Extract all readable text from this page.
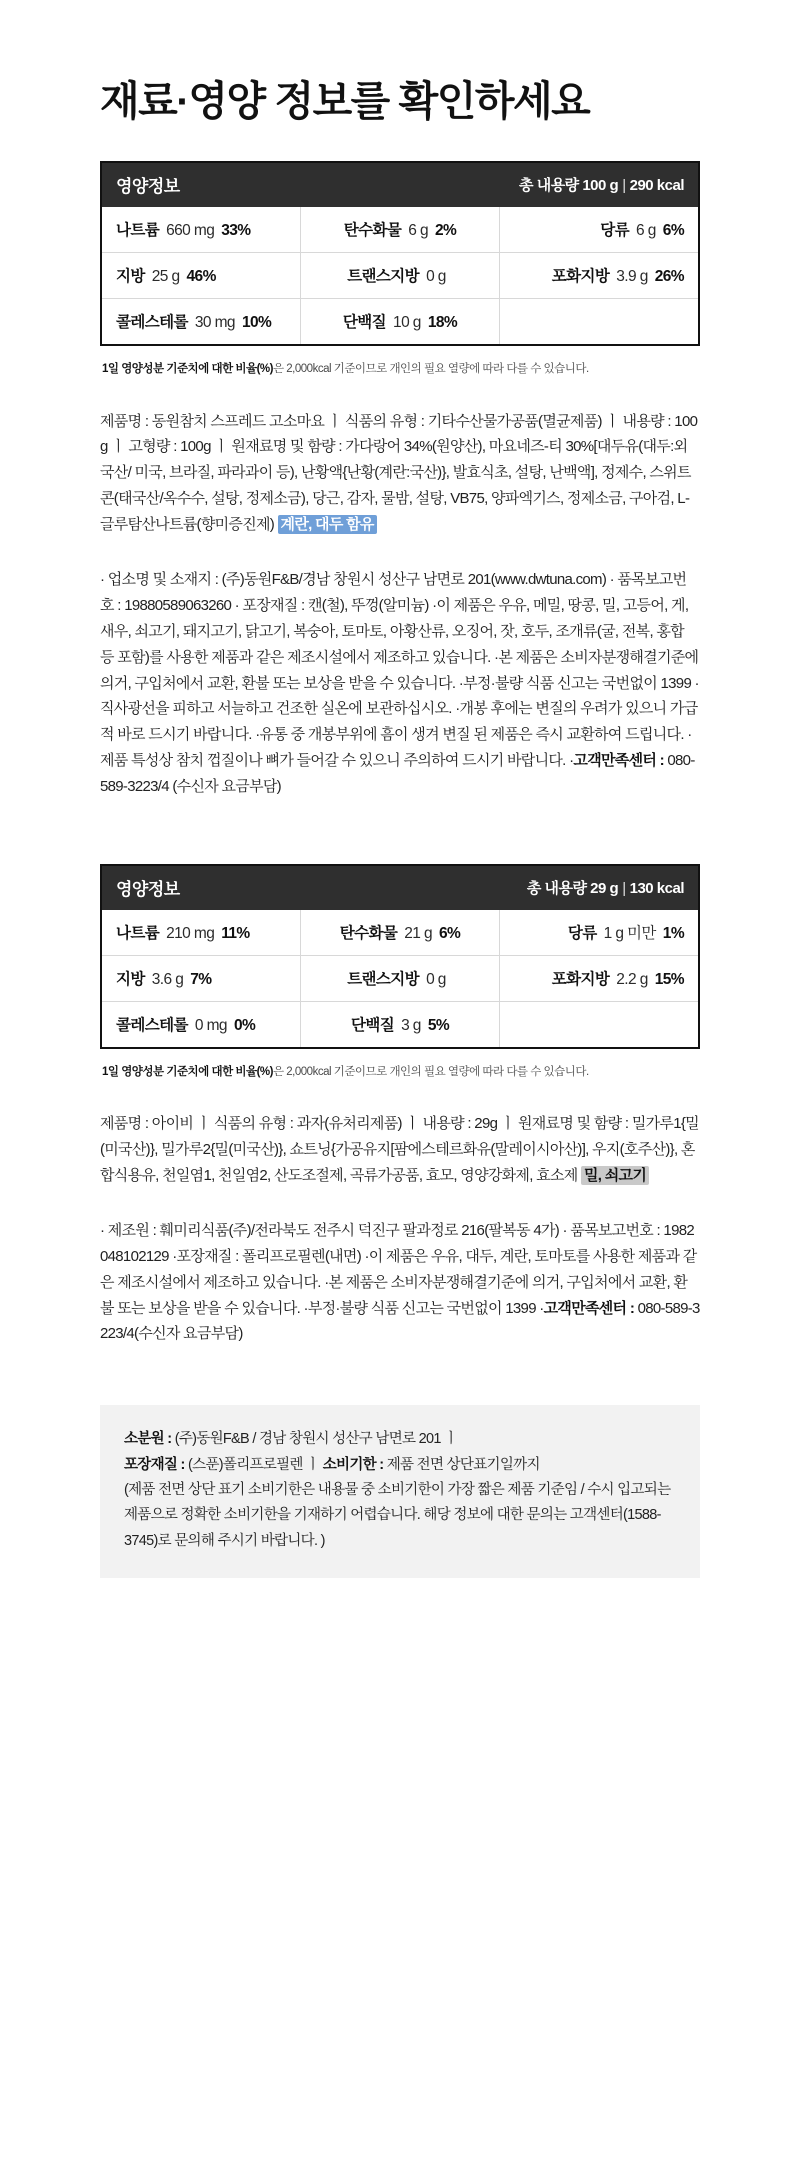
재료·영양 정보를 확인하세요
영양정보	총 내용량 100 g | 290 kcal
나트륨 660 mg 33%	탄수화물 6 g 2%	당류 6 g 6%
지방 25 g 46%	트랜스지방 0 g	포화지방 3.9 g 26%
콜레스테롤 30 mg 10%	단백질 10 g 18%
1일 영양성분 기준치에 대한 비율(%)은 2,000kcal 기준이므로 개인의 필요 열량에 따라 다를 수 있습니다.
제품명 : 동원참치 스프레드 고소마요 ㅣ 식품의 유형 : 기타수산물가공품(멸균제품) ㅣ 내용량 : 100g ㅣ 고형량 : 100g ㅣ 원재료명 및 함량 : 가다랑어 34%(원양산), 마요네즈-티 30%[대두유(대두:외국산/ 미국, 브라질, 파라과이 등), 난황액{난황(계란:국산)}, 발효식초, 설탕, 난백액], 정제수, 스위트콘(태국산/옥수수, 설탕, 정제소금), 당근, 감자, 물밤, 설탕, VB75, 양파엑기스, 정제소금, 구아검, L-글루탐산나트륨(향미증진제) 계란, 대두 함유
· 업소명 및 소재지 : (주)동원F&B/경남 창원시 성산구 남면로 201(www.dwtuna.com) · 품목보고번호 : 19880589063260 · 포장재질 : 캔(철), 뚜껑(알미늄) ·이 제품은 우유, 메밀, 땅콩, 밀, 고등어, 게, 새우, 쇠고기, 돼지고기, 닭고기, 복숭아, 토마토, 아황산류, 오징어, 잣, 호두, 조개류(굴, 전복, 홍합 등 포함)를 사용한 제품과 같은 제조시설에서 제조하고 있습니다. ·본 제품은 소비자분쟁해결기준에 의거, 구입처에서 교환, 환불 또는 보상을 받을 수 있습니다. ·부정·불량 식품 신고는 국번없이 1399 ·직사광선을 피하고 서늘하고 건조한 실온에 보관하십시오. ·개봉 후에는 변질의 우려가 있으니 가급적 바로 드시기 바랍니다. ·유통 중 개봉부위에 흠이 생겨 변질 된 제품은 즉시 교환하여 드립니다. ·제품 특성상 참치 껍질이나 뼈가 들어갈 수 있으니 주의하여 드시기 바랍니다. ·고객만족센터 : 080-589-3223/4 (수신자 요금부담)
영양정보	총 내용량 29 g | 130 kcal
나트륨 210 mg 11%	탄수화물 21 g 6%	당류 1 g 미만 1%
지방 3.6 g 7%	트랜스지방 0 g	포화지방 2.2 g 15%
콜레스테롤 0 mg 0%	단백질 3 g 5%
1일 영양성분 기준치에 대한 비율(%)은 2,000kcal 기준이므로 개인의 필요 열량에 따라 다를 수 있습니다.
제품명 : 아이비 ㅣ 식품의 유형 : 과자(유처리제품) ㅣ 내용량 : 29g ㅣ 원재료명 및 함량 : 밀가루1{밀(미국산)}, 밀가루2{밀(미국산)}, 쇼트닝{가공유지[팜에스테르화유(말레이시아산)], 우지(호주산)}, 혼합식용유, 천일염1, 천일염2, 산도조절제, 곡류가공품, 효모, 영양강화제, 효소제 밀, 쇠고기
· 제조원 : 훼미리식품(주)/전라북도 전주시 덕진구 팔과정로 216(팔복동 4가) · 품목보고번호 : 1982048102129 ·포장재질 : 폴리프로필렌(내면) ·이 제품은 우유, 대두, 계란, 토마토를 사용한 제품과 같은 제조시설에서 제조하고 있습니다. ·본 제품은 소비자분쟁해결기준에 의거, 구입처에서 교환, 환불 또는 보상을 받을 수 있습니다. ·부정·불량 식품 신고는 국번없이 1399 ·고객만족센터 : 080-589-3223/4(수신자 요금부담)
소분원 : (주)동원F&B / 경남 창원시 성산구 남면로 201 ㅣ
포장재질 : (스푼)폴리프로필렌 ㅣ 소비기한 : 제품 전면 상단표기일까지
(제품 전면 상단 표기 소비기한은 내용물 중 소비기한이 가장 짧은 제품 기준임 / 수시 입고되는 제품으로 정확한 소비기한을 기재하기 어렵습니다. 해당 정보에 대한 문의는 고객센터(1588-3745)로 문의해 주시기 바랍니다. )
